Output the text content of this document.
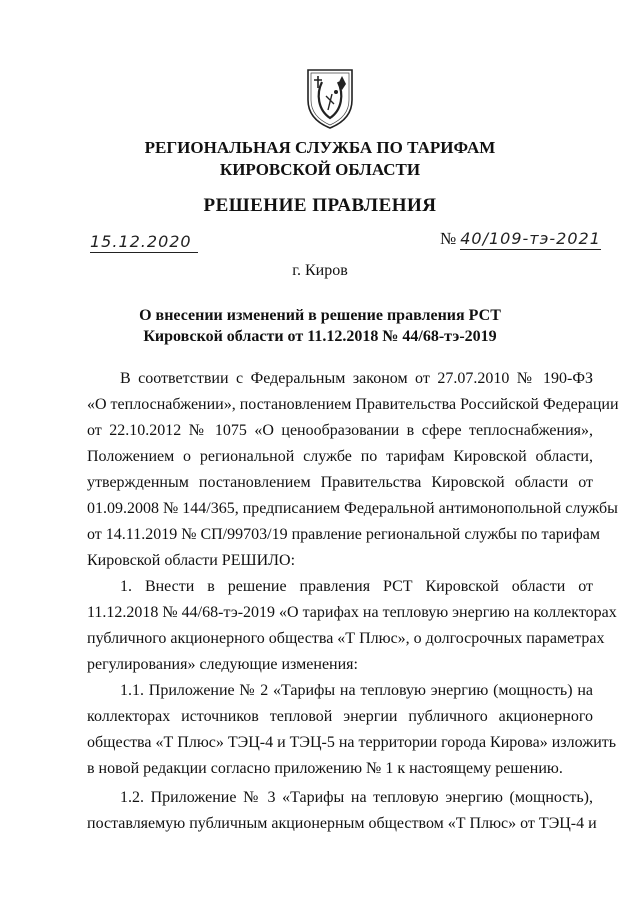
РЕГИОНАЛЬНАЯ СЛУЖБА ПО ТАРИФАМ
КИРОВСКОЙ ОБЛАСТИ
РЕШЕНИЕ ПРАВЛЕНИЯ
15.12.2020	№ 40/109-тэ-2021
г. Киров
О внесении изменений в решение правления РСТ
Кировской области от 11.12.2018 № 44/68-тэ-2019
В соответствии с Федеральным законом от 27.07.2010 № 190-ФЗ
«О теплоснабжении», постановлением Правительства Российской Федерации
от 22.10.2012 № 1075 «О ценообразовании в сфере теплоснабжения»,
Положением о региональной службе по тарифам Кировской области,
утвержденным постановлением Правительства Кировской области от
01.09.2008 № 144/365, предписанием Федеральной антимонопольной службы
от 14.11.2019 № СП/99703/19 правление региональной службы по тарифам
Кировской области РЕШИЛО:
1. Внести в решение правления РСТ Кировской области от
11.12.2018 № 44/68-тэ-2019 «О тарифах на тепловую энергию на коллекторах
публичного акционерного общества «Т Плюс», о долгосрочных параметрах
регулирования» следующие изменения:
1.1. Приложение № 2 «Тарифы на тепловую энергию (мощность) на
коллекторах источников тепловой энергии публичного акционерного
общества «Т Плюс» ТЭЦ-4 и ТЭЦ-5 на территории города Кирова» изложить
в новой редакции согласно приложению № 1 к настоящему решению.
1.2. Приложение № 3 «Тарифы на тепловую энергию (мощность),
поставляемую публичным акционерным обществом «Т Плюс» от ТЭЦ-4 и
